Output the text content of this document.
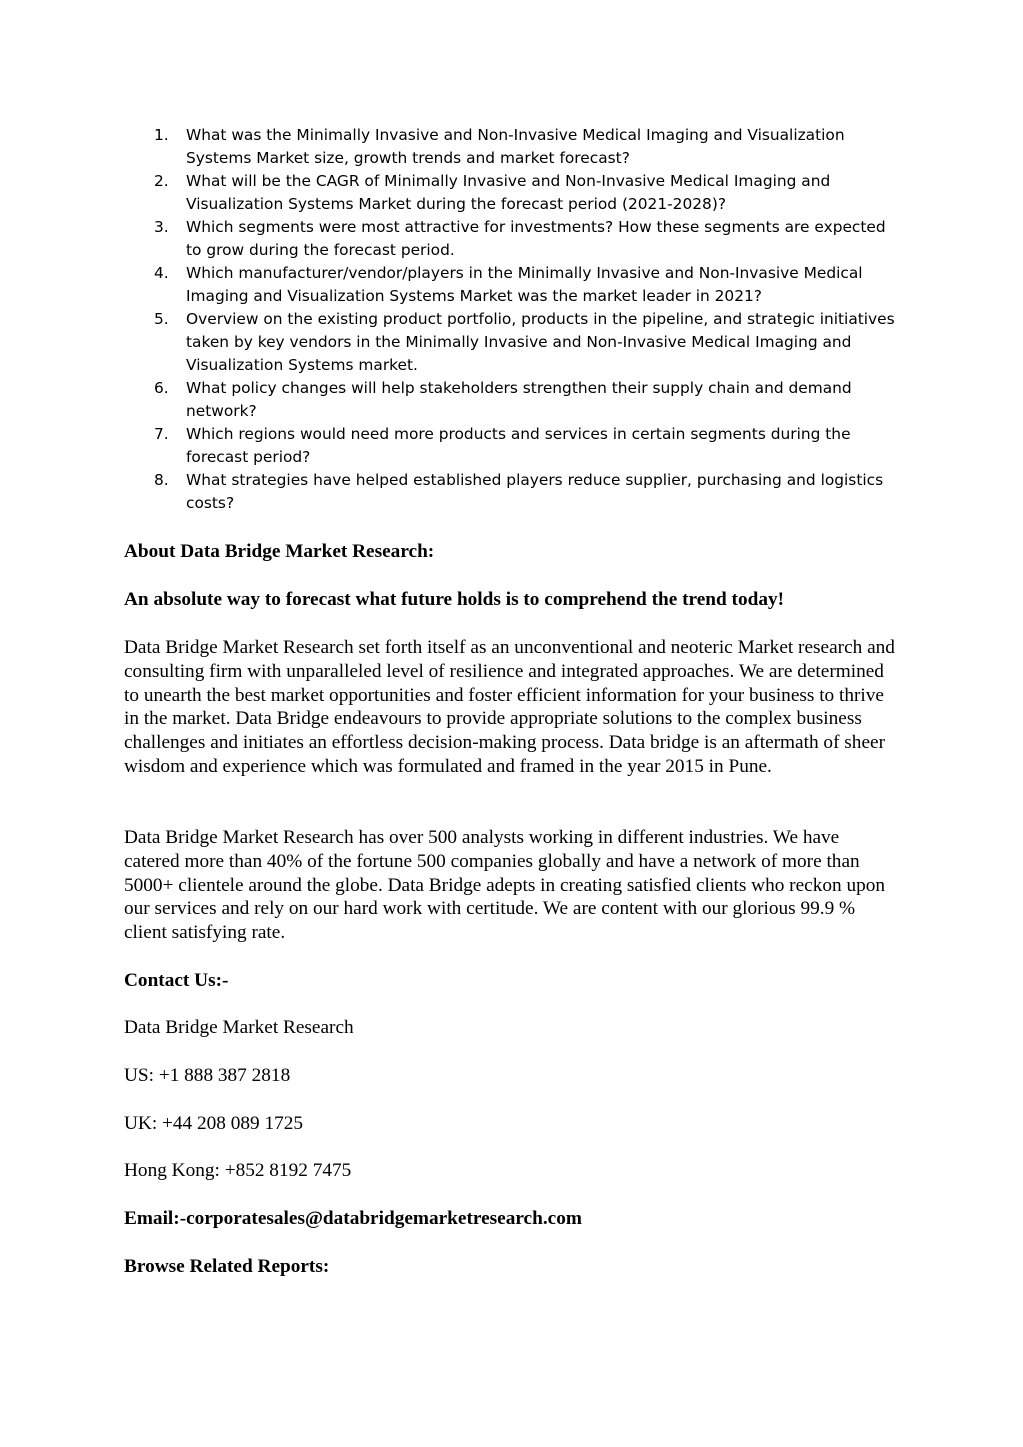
1.	What was the Minimally Invasive and Non-Invasive Medical Imaging and Visualization Systems Market size, growth trends and market forecast?
2.	What will be the CAGR of Minimally Invasive and Non-Invasive Medical Imaging and Visualization Systems Market during the forecast period (2021-2028)?
3.	Which segments were most attractive for investments? How these segments are expected to grow during the forecast period.
4.	Which manufacturer/vendor/players in the Minimally Invasive and Non-Invasive Medical Imaging and Visualization Systems Market was the market leader in 2021?
5.	Overview on the existing product portfolio, products in the pipeline, and strategic initiatives taken by key vendors in the Minimally Invasive and Non-Invasive Medical Imaging and Visualization Systems market.
6.	What policy changes will help stakeholders strengthen their supply chain and demand network?
7.	Which regions would need more products and services in certain segments during the forecast period?
8.	What strategies have helped established players reduce supplier, purchasing and logistics costs?

About Data Bridge Market Research:

An absolute way to forecast what future holds is to comprehend the trend today!

Data Bridge Market Research set forth itself as an unconventional and neoteric Market research and consulting firm with unparalleled level of resilience and integrated approaches. We are determined to unearth the best market opportunities and foster efficient information for your business to thrive in the market. Data Bridge endeavours to provide appropriate solutions to the complex business challenges and initiates an effortless decision-making process. Data bridge is an aftermath of sheer wisdom and experience which was formulated and framed in the year 2015 in Pune.

Data Bridge Market Research has over 500 analysts working in different industries. We have catered more than 40% of the fortune 500 companies globally and have a network of more than 5000+ clientele around the globe. Data Bridge adepts in creating satisfied clients who reckon upon our services and rely on our hard work with certitude. We are content with our glorious 99.9 % client satisfying rate.

Contact Us:-

Data Bridge Market Research

US: +1 888 387 2818

UK: +44 208 089 1725

Hong Kong: +852 8192 7475

Email:-corporatesales@databridgemarketresearch.com

Browse Related Reports:
